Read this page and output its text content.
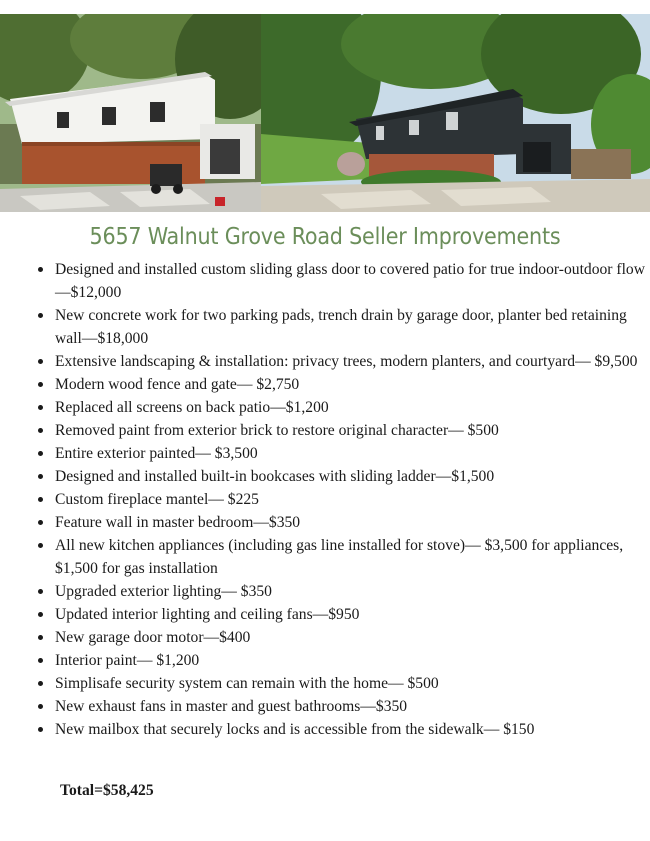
5657 Walnut Grove Road Seller Improvements
Designed and installed custom sliding glass door to covered patio for true indoor-outdoor flow—$12,000
New concrete work for two parking pads, trench drain by garage door, planter bed retaining wall—$18,000
Extensive landscaping & installation: privacy trees, modern planters, and courtyard— $9,500
Modern wood fence and gate— $2,750
Replaced all screens on back patio—$1,200
Removed paint from exterior brick to restore original character— $500
Entire exterior painted— $3,500
Designed and installed built-in bookcases with sliding ladder—$1,500
Custom fireplace mantel— $225
Feature wall in master bedroom—$350
All new kitchen appliances (including gas line installed for stove)— $3,500 for appliances, $1,500 for gas installation
Upgraded exterior lighting— $350
Updated interior lighting and ceiling fans—$950
New garage door motor—$400
Interior paint— $1,200
Simplisafe security system can remain with the home— $500
New exhaust fans in master and guest bathrooms—$350
New mailbox that securely locks and is accessible from the sidewalk— $150
Total=$58,425
